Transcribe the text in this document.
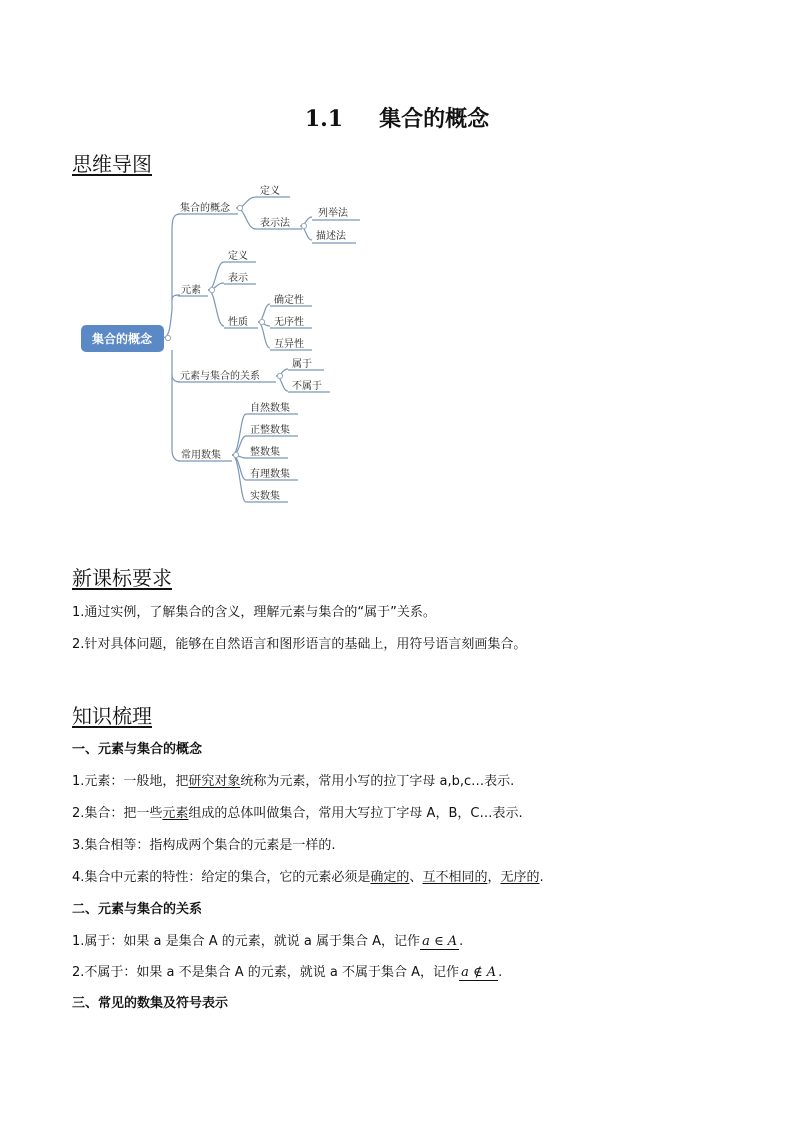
1.1 集合的概念
思维导图
集合的概念
集合的概念
定义
表示法
列举法
描述法
元素
定义
表示
性质
确定性
无序性
互异性
元素与集合的关系
属于
不属于
常用数集
自然数集
正整数集
整数集
有理数集
实数集
新课标要求
1.通过实例，了解集合的含义，理解元素与集合的“属于”关系。
2.针对具体问题，能够在自然语言和图形语言的基础上，用符号语言刻画集合。
知识梳理
一、元素与集合的概念
1.元素：一般地，把研究对象统称为元素，常用小写的拉丁字母 a,b,c…表示.
2.集合：把一些元素组成的总体叫做集合，常用大写拉丁字母 A，B，C…表示.
3.集合相等：指构成两个集合的元素是一样的.
4.集合中元素的特性：给定的集合，它的元素必须是确定的、互不相同的，无序的.
二、元素与集合的关系
1.属于：如果 a 是集合 A 的元素，就说 a 属于集合 A，记作 a ∈ A .
2.不属于：如果 a 不是集合 A 的元素，就说 a 不属于集合 A，记作 a ∉ A .
三、常见的数集及符号表示
